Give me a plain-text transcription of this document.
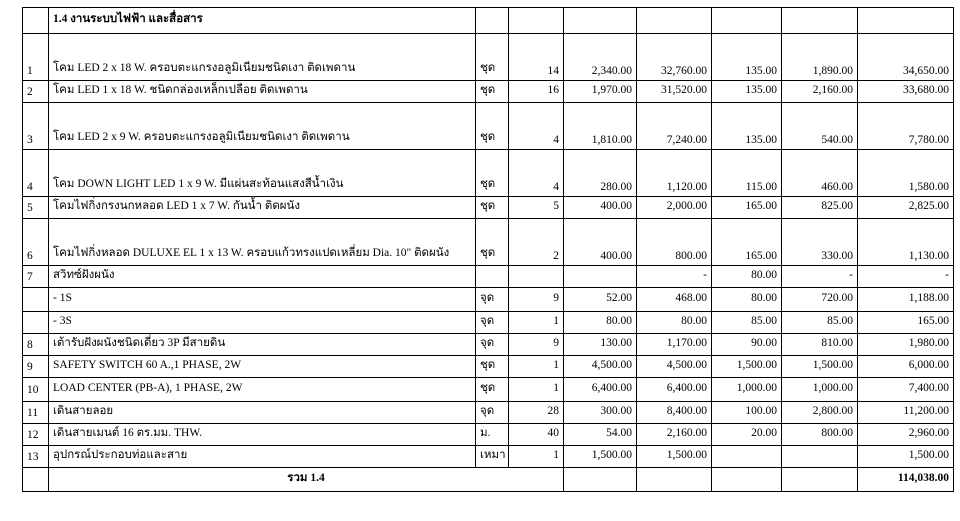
	1.4 งานระบบไฟฟ้า และสื่อสาร							
1	โคม LED 2 x 18 W. ครอบตะแกรงอลูมิเนียมชนิดเงา ติดเพดาน	ชุด	14	2,340.00	32,760.00	135.00	1,890.00	34,650.00
2	โคม LED 1 x 18 W. ชนิดกล่องเหล็กเปลือย ติดเพดาน	ชุด	16	1,970.00	31,520.00	135.00	2,160.00	33,680.00
3	โคม LED 2 x 9 W. ครอบตะแกรงอลูมิเนียมชนิดเงา ติดเพดาน	ชุด	4	1,810.00	7,240.00	135.00	540.00	7,780.00
4	โคม DOWN LIGHT LED 1 x 9 W. มีแผ่นสะท้อนแสงสีน้ำเงิน	ชุด	4	280.00	1,120.00	115.00	460.00	1,580.00
5	โคมไฟกิ่งกรงนกหลอด LED 1 x 7 W. กันน้ำ ติดผนัง	ชุด	5	400.00	2,000.00	165.00	825.00	2,825.00
6	โคมไฟกิ่งหลอด DULUXE EL 1 x 13 W. ครอบแก้วทรงแปดเหลี่ยม Dia. 10" ติดผนัง	ชุด	2	400.00	800.00	165.00	330.00	1,130.00
7	สวิทซ์ฝังผนัง				-	80.00	-	-
	- 1S	จุด	9	52.00	468.00	80.00	720.00	1,188.00
	- 3S	จุด	1	80.00	80.00	85.00	85.00	165.00
8	เต้ารับฝังผนังชนิดเดี่ยว 3P มีสายดิน	จุด	9	130.00	1,170.00	90.00	810.00	1,980.00
9	SAFETY SWITCH 60 A.,1 PHASE, 2W	ชุด	1	4,500.00	4,500.00	1,500.00	1,500.00	6,000.00
10	LOAD CENTER (PB-A), 1 PHASE, 2W	ชุด	1	6,400.00	6,400.00	1,000.00	1,000.00	7,400.00
11	เดินสายลอย	จุด	28	300.00	8,400.00	100.00	2,800.00	11,200.00
12	เดินสายเมนต์ 16 ตร.มม. THW.	ม.	40	54.00	2,160.00	20.00	800.00	2,960.00
13	อุปกรณ์ประกอบท่อและสาย	เหมา	1	1,500.00	1,500.00			1,500.00
	รวม 1.4							114,038.00
